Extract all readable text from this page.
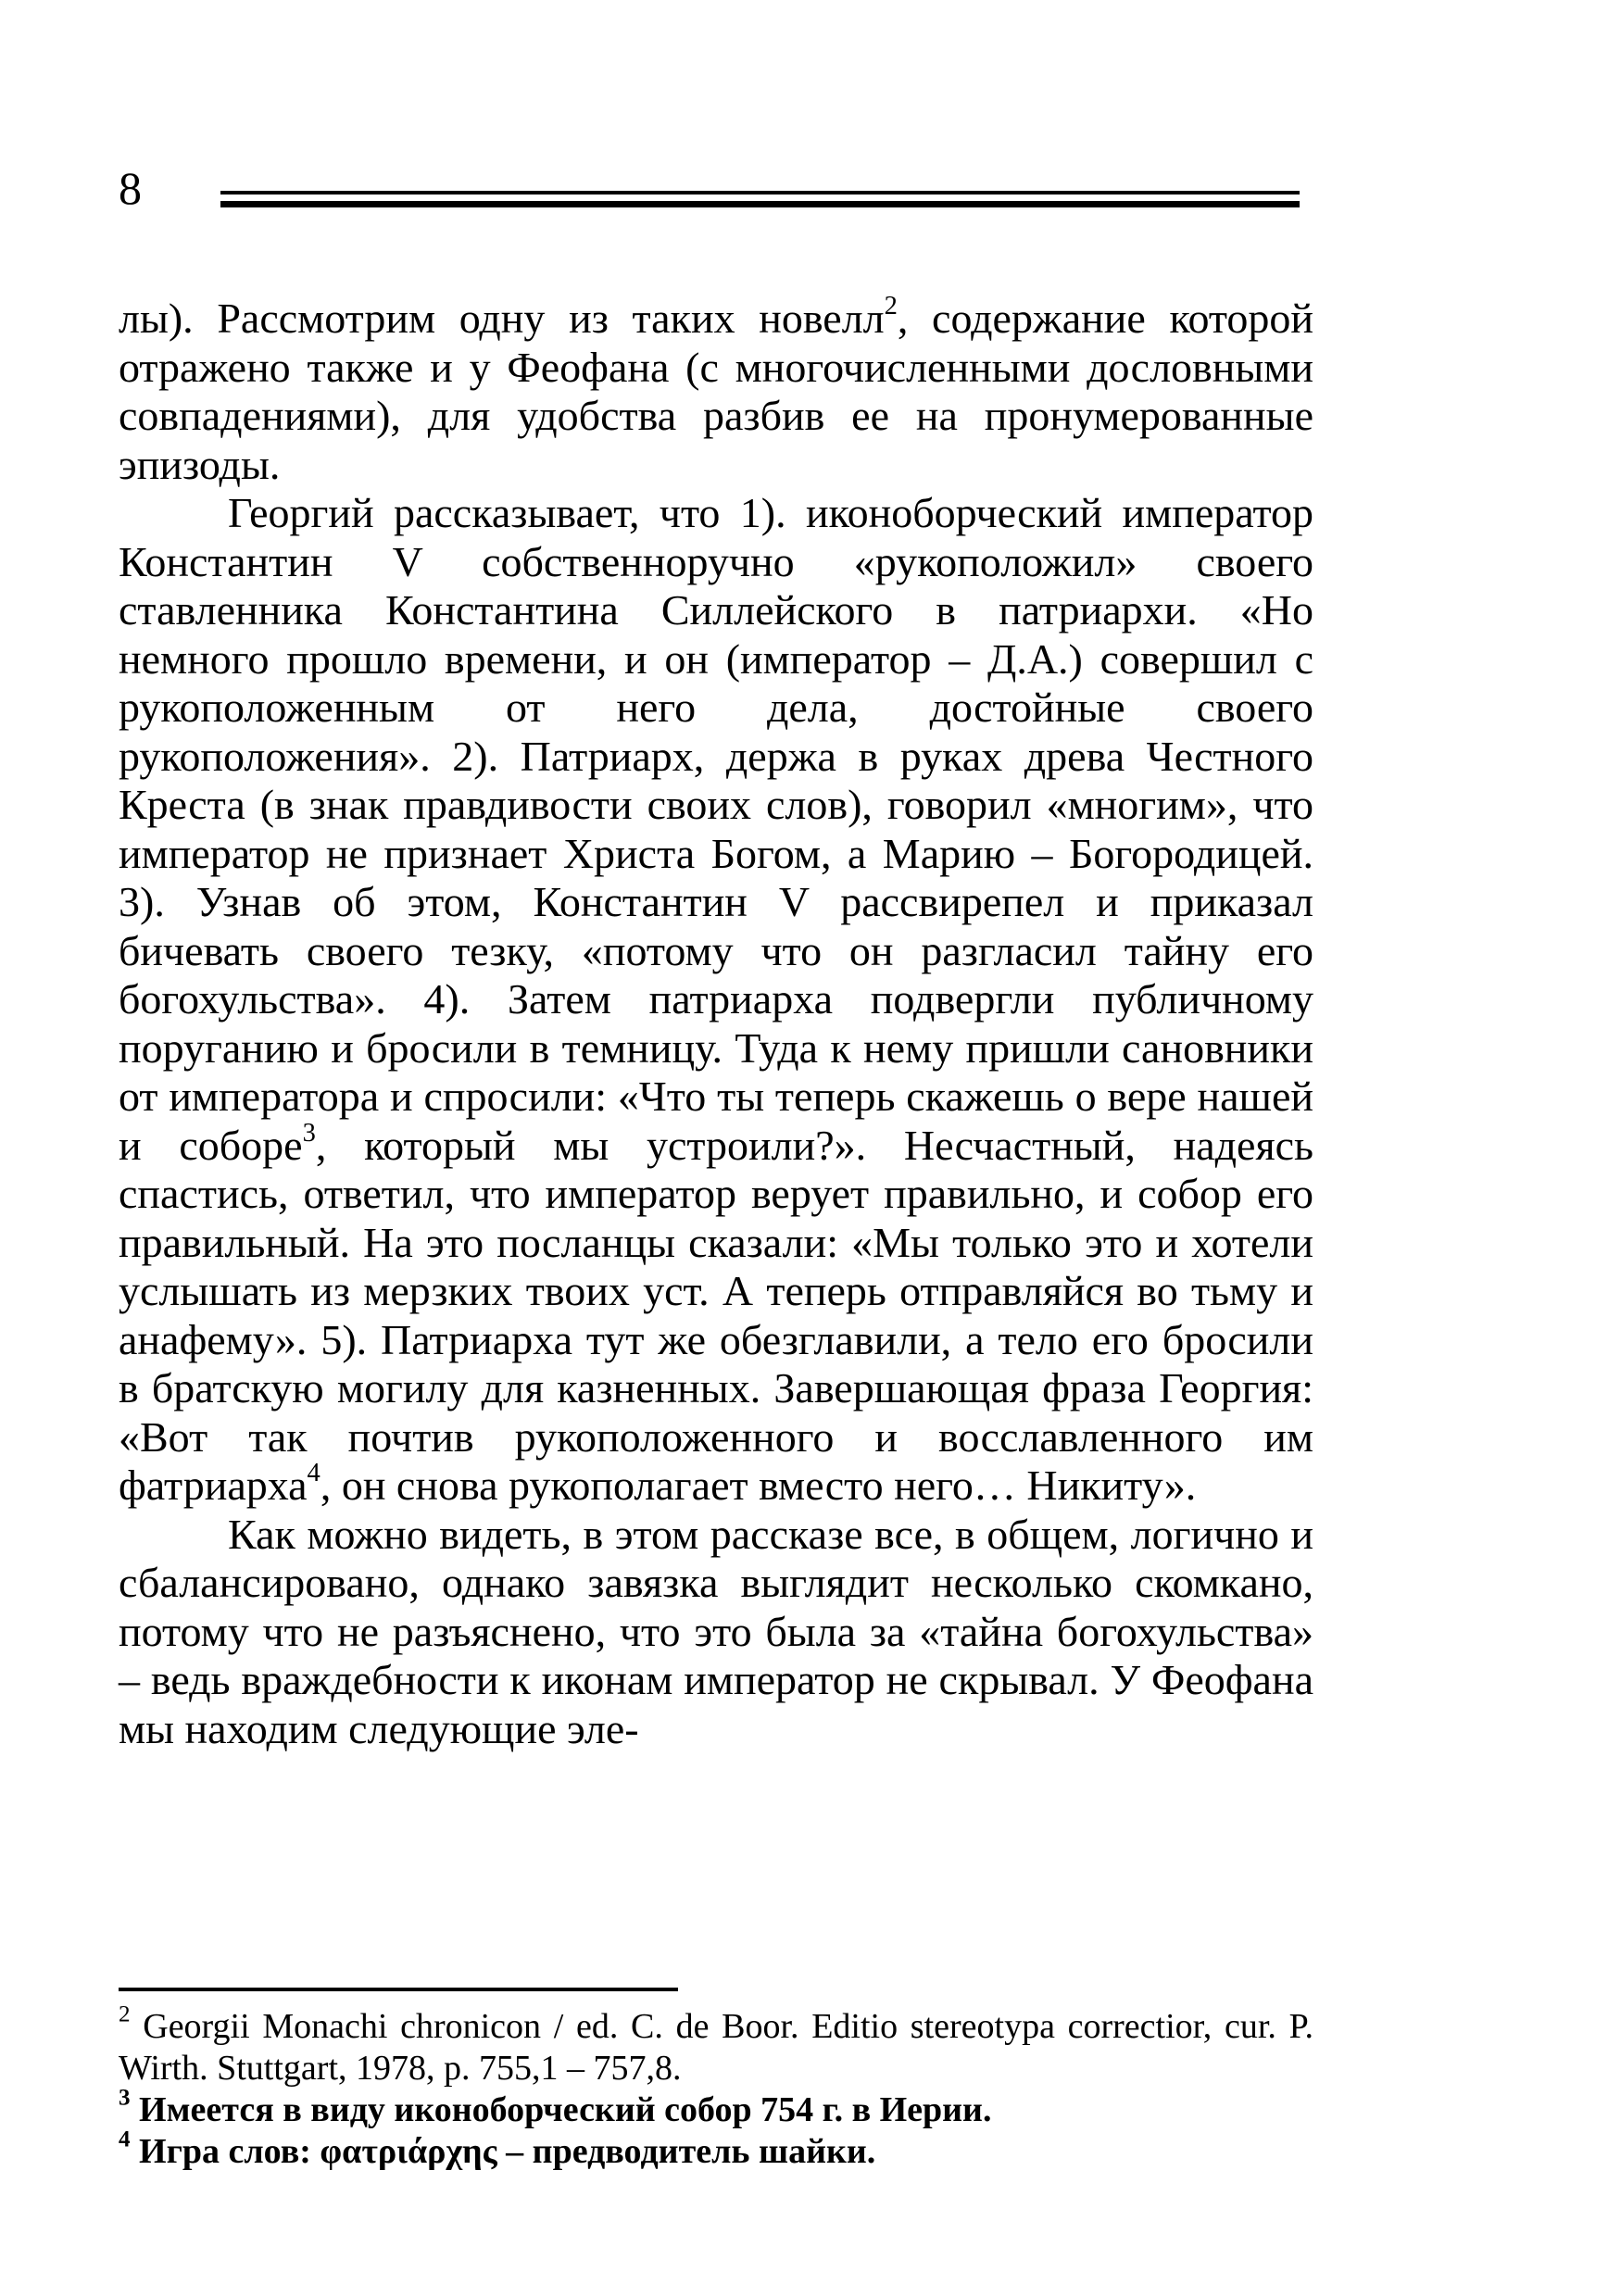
8

лы). Рассмотрим одну из таких новелл$^2$, содержание которой отражено также и у Феофана (с многочисленными дословными совпадениями), для удобства разбив ее на пронумерованные эпизоды.

Георгий рассказывает, что 1). иконоборческий император Константин V собственноручно «рукоположил» своего ставленника Константина Силлейского в патриархи. «Но немного прошло времени, и он (император – Д.А.) совершил с рукоположенным от него дела, достойные своего рукоположения». 2). Патриарх, держа в руках древа Честного Креста (в знак правдивости своих слов), говорил «многим», что император не признает Христа Богом, а Марию – Богородицей. 3). Узнав об этом, Константин V рассвирепел и приказал бичевать своего тезку, «потому что он разгласил тайну его богохульства». 4). Затем патриарха подвергли публичному поруганию и бросили в темницу. Туда к нему пришли сановники от императора и спросили: «Что ты теперь скажешь о вере нашей и соборе$^3$, который мы устроили?». Несчастный, надеясь спастись, ответил, что император верует правильно, и собор его правильный. На это посланцы сказали: «Мы только это и хотели услышать из мерзких твоих уст. А теперь отправляйся во тьму и анафему». 5). Патриарха тут же обезглавили, а тело его бросили в братскую могилу для казненных. Завершающая фраза Георгия: «Вот так почтив рукоположенного и восславленного им фатриарха$^4$, он снова рукополагает вместо него… Никиту».

Как можно видеть, в этом рассказе все, в общем, логично и сбалансировано, однако завязка выглядит несколько скомкано, потому что не разъяснено, что это была за «тайна богохульства» – ведь враждебности к иконам император не скрывал. У Феофана мы находим следующие эле-

$^2$ Georgii Monachi chronicon / ed. C. de Boor. Editio stereotypa correctior, cur. P. Wirth. Stuttgart, 1978, p. 755,1 – 757,8.

$^3$ Имеется в виду иконоборческий собор 754 г. в Иерии.

$^4$ Игра слов: φατριάρχης – предводитель шайки.
